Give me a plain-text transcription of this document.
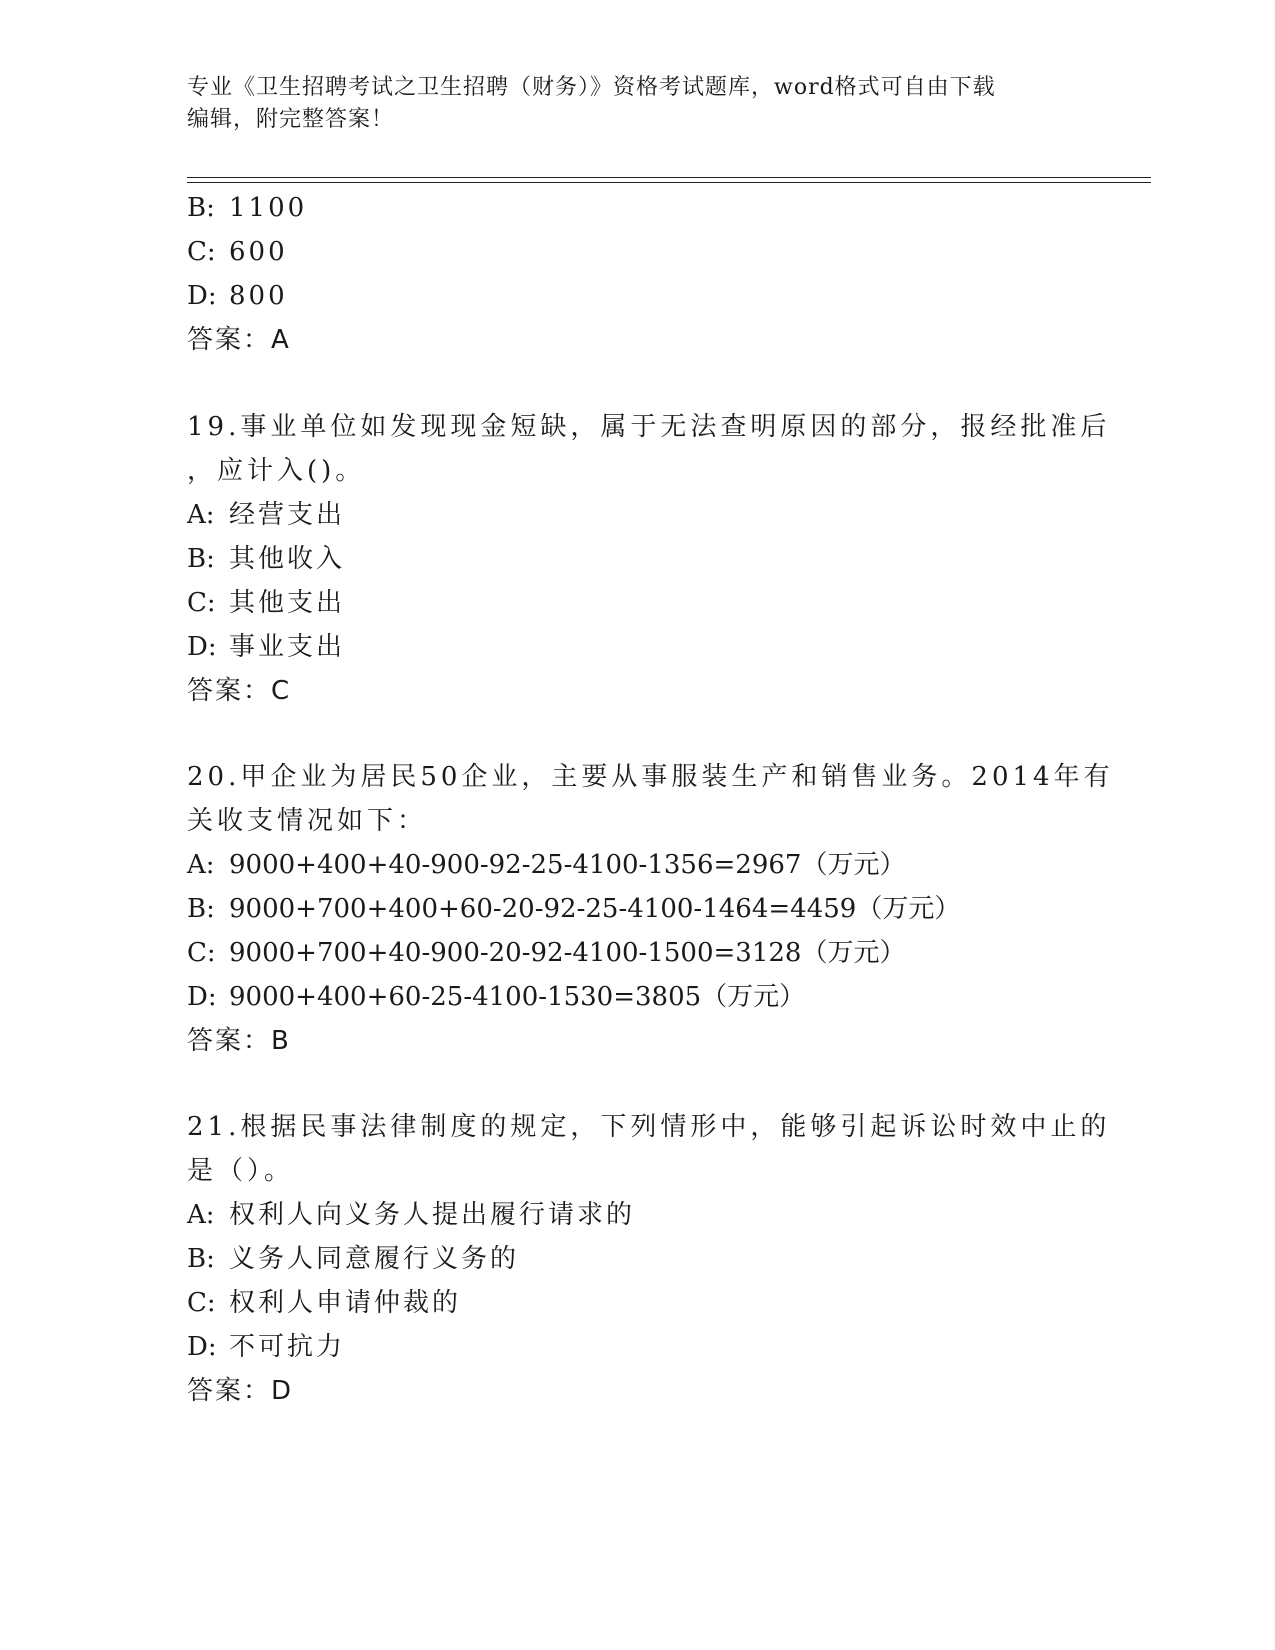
专业《卫生招聘考试之卫生招聘（财务）》资格考试题库，word格式可自由下载
编辑，附完整答案！
B: 1100
C: 600
D: 800
答案：A
19.事业单位如发现现金短缺，属于无法查明原因的部分，报经批准后
，应计入()。
A: 经营支出
B: 其他收入
C: 其他支出
D: 事业支出
答案：C
20.甲企业为居民50企业，主要从事服装生产和销售业务。2014年有
关收支情况如下：
A: 9000+400+40-900-92-25-4100-1356=2967（万元）
B: 9000+700+400+60-20-92-25-4100-1464=4459（万元）
C: 9000+700+40-900-20-92-4100-1500=3128（万元）
D: 9000+400+60-25-4100-1530=3805（万元）
答案：B
21.根据民事法律制度的规定，下列情形中，能够引起诉讼时效中止的
是（）。
A: 权利人向义务人提出履行请求的
B: 义务人同意履行义务的
C: 权利人申请仲裁的
D: 不可抗力
答案：D
